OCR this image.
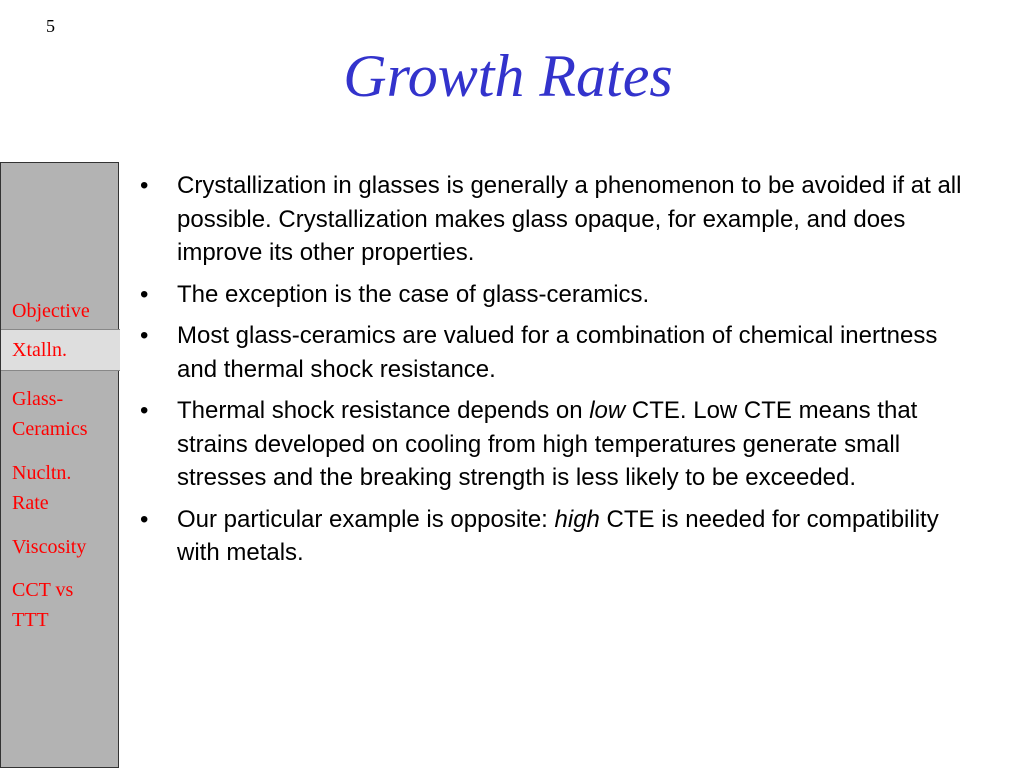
5
Growth Rates
Objective
Xtalln.
Glass-
Ceramics
Nucltn.
Rate
Viscosity
CCT vs
TTT
• Crystallization in glasses is generally a phenomenon to be avoided if at all possible. Crystallization makes glass opaque, for example, and does improve its other properties.
• The exception is the case of glass-ceramics.
• Most glass-ceramics are valued for a combination of chemical inertness and thermal shock resistance.
• Thermal shock resistance depends on low CTE. Low CTE means that strains developed on cooling from high temperatures generate small stresses and the breaking strength is less likely to be exceeded.
• Our particular example is opposite: high CTE is needed for compatibility with metals.
